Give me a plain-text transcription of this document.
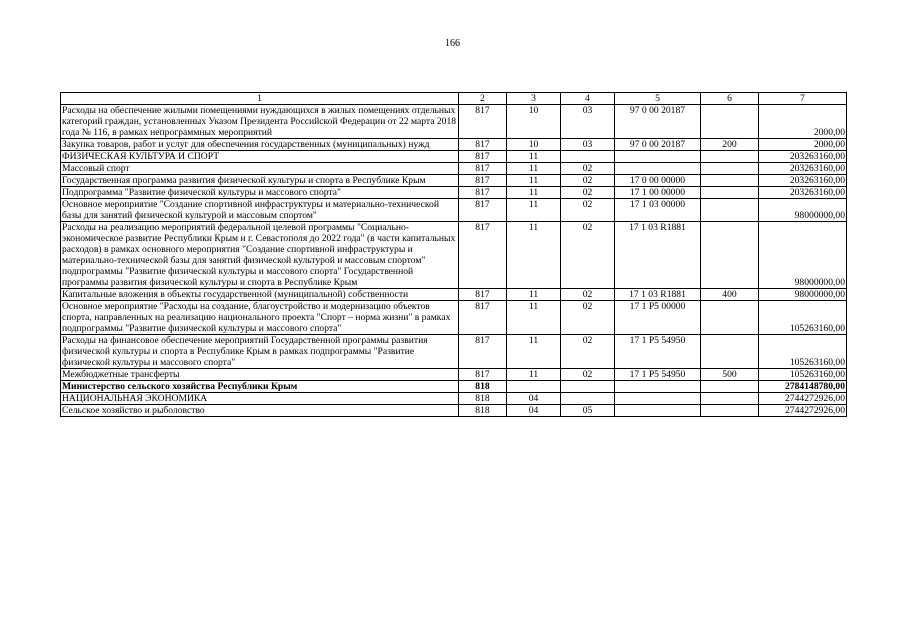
166
1	2	3	4	5	6	7
Расходы на обеспечение жилыми помещениями нуждающихся в жилых помещениях отдельных категорий граждан, установленных Указом Президента Российской Федерации от 22 марта 2018 года № 116, в рамках непрограммных мероприятий	817	10	03	97 0 00 20187		2000,00
Закупка товаров, работ и услуг для обеспечения государственных (муниципальных) нужд	817	10	03	97 0 00 20187	200	2000,00
ФИЗИЧЕСКАЯ КУЛЬТУРА И СПОРТ	817	11				203263160,00
Массовый спорт	817	11	02			203263160,00
Государственная программа развития физической культуры и спорта в Республике Крым	817	11	02	17 0 00 00000		203263160,00
Подпрограмма "Развитие физической культуры и массового спорта"	817	11	02	17 1 00 00000		203263160,00
Основное мероприятие "Создание спортивной инфраструктуры и материально-технической базы для занятий физической культурой и массовым спортом"	817	11	02	17 1 03 00000		98000000,00
Расходы на реализацию мероприятий федеральной целевой программы "Социально-экономическое развитие Республики Крым и г. Севастополя до 2022 года" (в части капитальных расходов) в рамках основного мероприятия "Создание спортивной инфраструктуры и материально-технической базы для занятий физической культурой и массовым спортом" подпрограммы "Развитие физической культуры и массового спорта" Государственной программы развития физической культуры и спорта в Республике Крым	817	11	02	17 1 03 R1881		98000000,00
Капитальные вложения в объекты государственной (муниципальной) собственности	817	11	02	17 1 03 R1881	400	98000000,00
Основное мероприятие "Расходы на создание, благоустройство и модернизацию объектов спорта, направленных на реализацию национального проекта "Спорт – норма жизни" в рамках подпрограммы "Развитие физической культуры и массового спорта"	817	11	02	17 1 P5 00000		105263160,00
Расходы на финансовое обеспечение мероприятий Государственной программы развития физической культуры и спорта в Республике Крым в рамках подпрограммы "Развитие физической культуры и массового спорта"	817	11	02	17 1 P5 54950		105263160,00
Межбюджетные трансферты	817	11	02	17 1 P5 54950	500	105263160,00
Министерство сельского хозяйства Республики Крым	818					2784148780,00
НАЦИОНАЛЬНАЯ ЭКОНОМИКА	818	04				2744272926,00
Сельское хозяйство и рыболовство	818	04	05			2744272926,00
